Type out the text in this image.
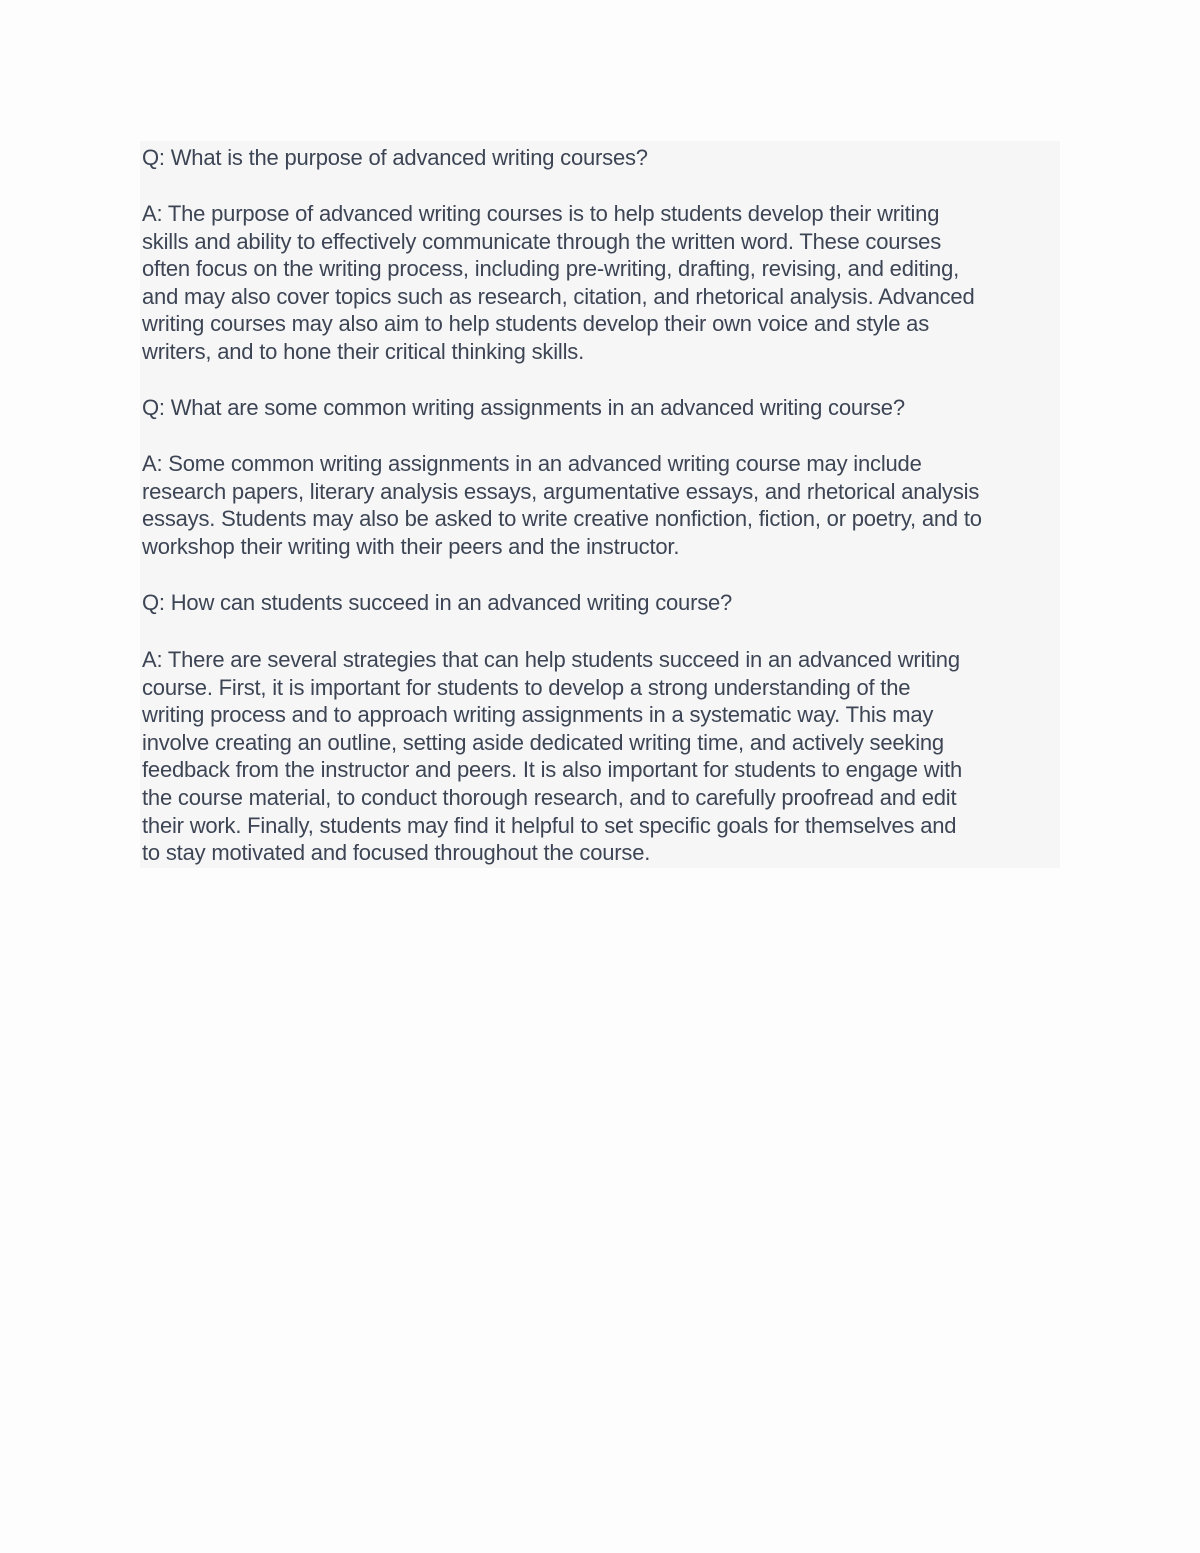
Q: What is the purpose of advanced writing courses?

A: The purpose of advanced writing courses is to help students develop their writing
skills and ability to effectively communicate through the written word. These courses
often focus on the writing process, including pre-writing, drafting, revising, and editing,
and may also cover topics such as research, citation, and rhetorical analysis. Advanced
writing courses may also aim to help students develop their own voice and style as
writers, and to hone their critical thinking skills.

Q: What are some common writing assignments in an advanced writing course?

A: Some common writing assignments in an advanced writing course may include
research papers, literary analysis essays, argumentative essays, and rhetorical analysis
essays. Students may also be asked to write creative nonfiction, fiction, or poetry, and to
workshop their writing with their peers and the instructor.

Q: How can students succeed in an advanced writing course?

A: There are several strategies that can help students succeed in an advanced writing
course. First, it is important for students to develop a strong understanding of the
writing process and to approach writing assignments in a systematic way. This may
involve creating an outline, setting aside dedicated writing time, and actively seeking
feedback from the instructor and peers. It is also important for students to engage with
the course material, to conduct thorough research, and to carefully proofread and edit
their work. Finally, students may find it helpful to set specific goals for themselves and
to stay motivated and focused throughout the course.
